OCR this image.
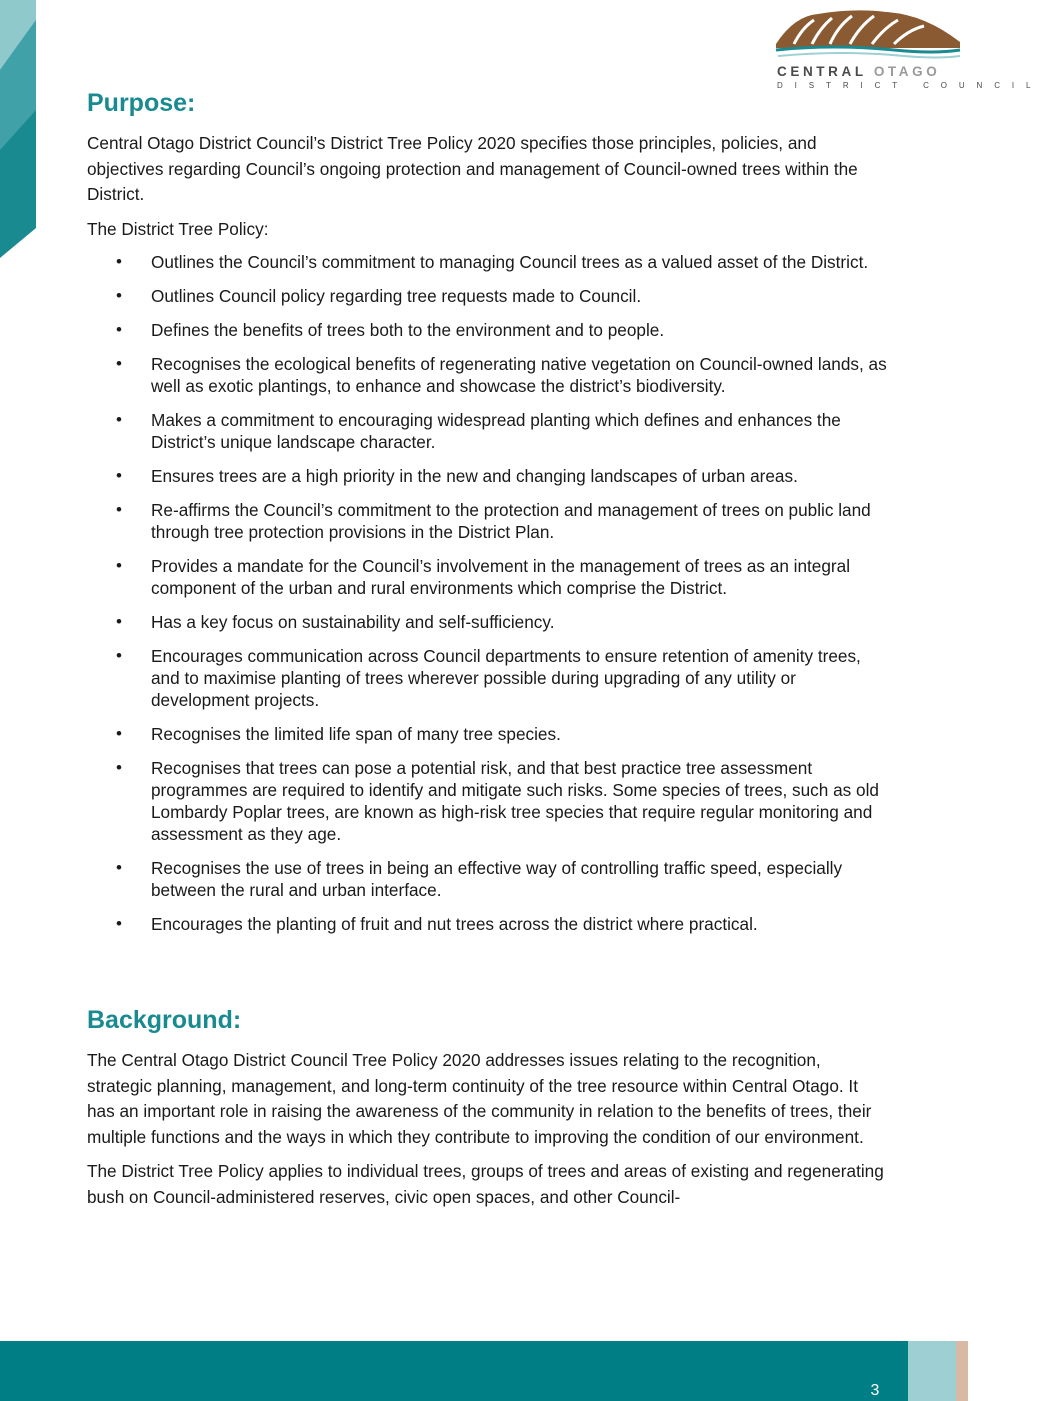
CENTRAL OTAGO
DISTRICT COUNCIL
Purpose:

Central Otago District Council’s District Tree Policy 2020 specifies those principles, policies, and objectives regarding Council’s ongoing protection and management of Council-owned trees within the District.

The District Tree Policy:

• Outlines the Council’s commitment to managing Council trees as a valued asset of the District.
• Outlines Council policy regarding tree requests made to Council.
• Defines the benefits of trees both to the environment and to people.
• Recognises the ecological benefits of regenerating native vegetation on Council-owned lands, as well as exotic plantings, to enhance and showcase the district’s biodiversity.
• Makes a commitment to encouraging widespread planting which defines and enhances the District’s unique landscape character.
• Ensures trees are a high priority in the new and changing landscapes of urban areas.
• Re-affirms the Council’s commitment to the protection and management of trees on public land through tree protection provisions in the District Plan.
• Provides a mandate for the Council’s involvement in the management of trees as an integral component of the urban and rural environments which comprise the District.
• Has a key focus on sustainability and self-sufficiency.
• Encourages communication across Council departments to ensure retention of amenity trees, and to maximise planting of trees wherever possible during upgrading of any utility or development projects.
• Recognises the limited life span of many tree species.
• Recognises that trees can pose a potential risk, and that best practice tree assessment programmes are required to identify and mitigate such risks. Some species of trees, such as old Lombardy Poplar trees, are known as high-risk tree species that require regular monitoring and assessment as they age.
• Recognises the use of trees in being an effective way of controlling traffic speed, especially between the rural and urban interface.
• Encourages the planting of fruit and nut trees across the district where practical.
Background:

The Central Otago District Council Tree Policy 2020 addresses issues relating to the recognition, strategic planning, management, and long-term continuity of the tree resource within Central Otago. It has an important role in raising the awareness of the community in relation to the benefits of trees, their multiple functions and the ways in which they contribute to improving the condition of our environment.

The District Tree Policy applies to individual trees, groups of trees and areas of existing and regenerating bush on Council-administered reserves, civic open spaces, and other Council-

3
